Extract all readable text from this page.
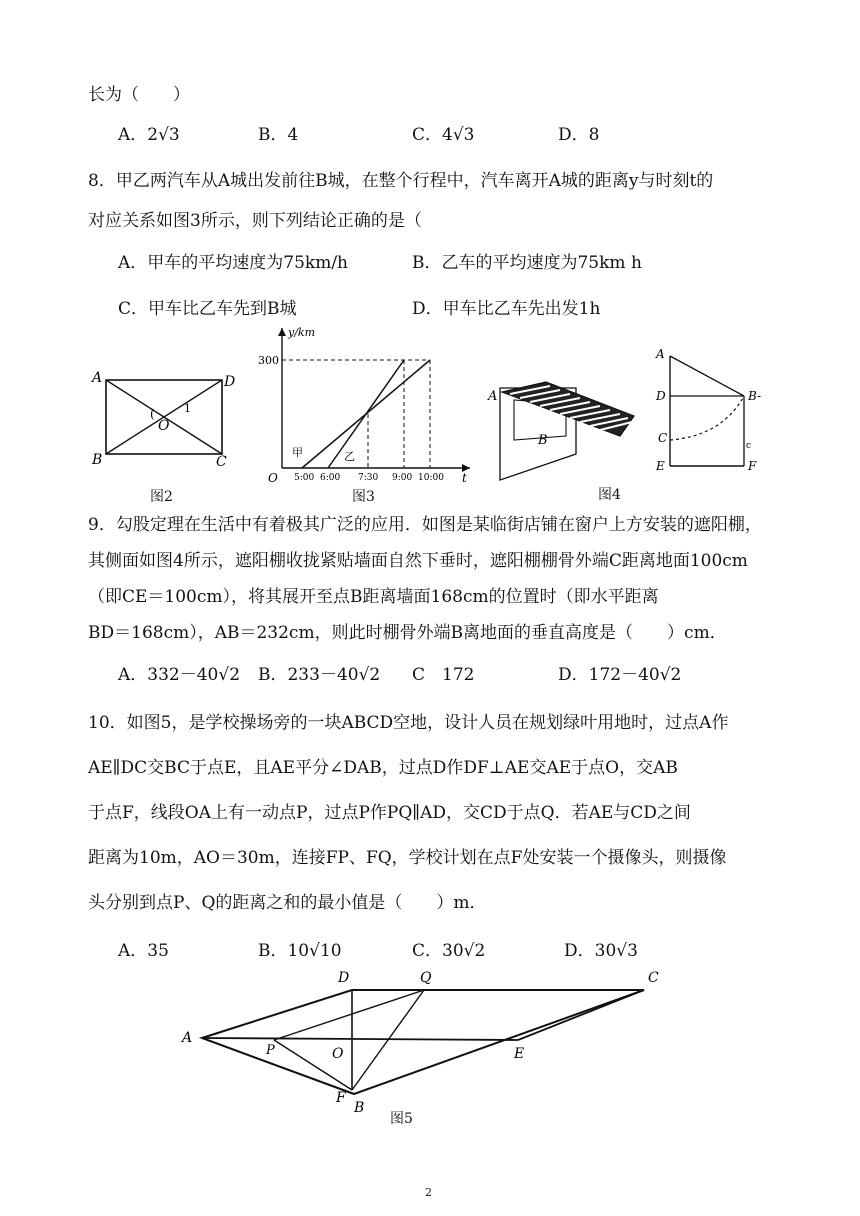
长为（　　）
A．2√3	B．4	C．4√3	D．8
8．甲乙两汽车从A城出发前往B城，在整个行程中，汽车离开A城的距离y与时刻t的
对应关系如图3所示，则下列结论正确的是（
A．甲车的平均速度为75km/h	B．乙车的平均速度为75km h
C．甲车比乙车先到B城	D．甲车比乙车先出发1h
A	D
B	C
O
(	1
图2
y/km
t
O
300
甲	乙
5:00 6:00 7:30 9:00 10:00
图3
A
B
A
D	B-
C
E	F
c
图4
9．勾股定理在生活中有着极其广泛的应用．如图是某临街店铺在窗户上方安装的遮阳棚，
其侧面如图4所示，遮阳棚收拢紧贴墙面自然下垂时，遮阳棚棚骨外端C距离地面100cm
（即CE＝100cm），将其展开至点B距离墙面168cm的位置时（即水平距离
BD＝168cm），AB＝232cm，则此时棚骨外端B离地面的垂直高度是（　　）cm．
A．332－40√2 B．233－40√2 C　172	D．172－40√2
10．如图5，是学校操场旁的一块ABCD空地，设计人员在规划绿叶用地时，过点A作
AE∥DC交BC于点E，且AE平分∠DAB，过点D作DF⊥AE交AE于点O，交AB
于点F，线段OA上有一动点P，过点P作PQ∥AD，交CD于点Q．若AE与CD之间
距离为10m，AO＝30m，连接FP、FQ，学校计划在点F处安装一个摄像头，则摄像
头分别到点P、Q的距离之和的最小值是（　　）m．
A．35	B．10√10	C．30√2	D．30√3
D	Q	C
A
P	O	E
F
B
图5
2
